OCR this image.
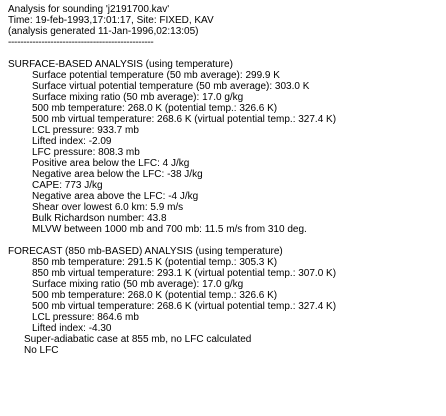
Analysis for sounding 'j2191700.kav'
Time: 19-feb-1993,17:01:17, Site: FIXED, KAV
(analysis generated 11-Jan-1996,02:13:05)
------------------------------------------------
SURFACE-BASED ANALYSIS (using temperature)
Surface potential temperature (50 mb average): 299.9 K
Surface virtual potential temperature (50 mb average): 303.0 K
Surface mixing ratio (50 mb average): 17.0 g/kg
500 mb temperature: 268.0 K (potential temp.: 326.6 K)
500 mb virtual temperature: 268.6 K (virtual potential temp.: 327.4 K)
LCL pressure: 933.7 mb
Lifted index: -2.09
LFC pressure: 808.3 mb
Positive area below the LFC: 4 J/kg
Negative area below the LFC: -38 J/kg
CAPE: 773 J/kg
Negative area above the LFC: -4 J/kg
Shear over lowest 6.0 km: 5.9 m/s
Bulk Richardson number: 43.8
MLVW between 1000 mb and 700 mb: 11.5 m/s from 310 deg.
FORECAST (850 mb-BASED) ANALYSIS (using temperature)
850 mb temperature: 291.5 K (potential temp.: 305.3 K)
850 mb virtual temperature: 293.1 K (virtual potential temp.: 307.0 K)
Surface mixing ratio (50 mb average): 17.0 g/kg
500 mb temperature: 268.0 K (potential temp.: 326.6 K)
500 mb virtual temperature: 268.6 K (virtual potential temp.: 327.4 K)
LCL pressure: 864.6 mb
Lifted index: -4.30
Super-adiabatic case at 855 mb, no LFC calculated
No LFC
